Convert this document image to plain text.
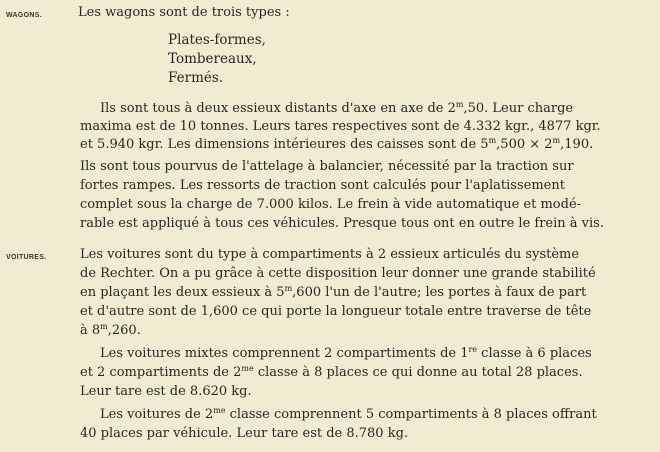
WAGONS.	Les wagons sont de trois types :
Plates-formes,
Tombereaux,
Fermés.
Ils sont tous à deux essieux distants d'axe en axe de 2$^m$,50. Leur charge
maxima est de 10 tonnes. Leurs tares respectives sont de 4.332 kgr., 4877 kgr.
et 5.940 kgr. Les dimensions intérieures des caisses sont de $5^m,500 \times 2^m,190$.
Ils sont tous pourvus de l'attelage à balancier, nécessité par la traction sur
fortes rampes. Les ressorts de traction sont calculés pour l'aplatissement
complet sous la charge de 7.000 kilos. Le frein à vide automatique et modé-
rable est appliqué à tous ces véhicules. Presque tous ont en outre le frein à vis.
VOITURES.	Les voitures sont du type à compartiments à 2 essieux articulés du système
de Rechter. On a pu grâce à cette disposition leur donner une grande stabilité
en plaçant les deux essieux à 5$^m$,600 l'un de l'autre; les portes à faux de part
et d'autre sont de 1,600 ce qui porte la longueur totale entre traverse de tête
à 8$^m$,260.
Les voitures mixtes comprennent 2 compartiments de 1re classe à 6 places
et 2 compartiments de $2^{me}$ classe à 8 places ce qui donne au total 28 places.
Leur tare est de 8.620 kg.
Les voitures de $2^{me}$ classe comprennent 5 compartiments à 8 places offrant
40 places par véhicule. Leur tare est de 8.780 kg.
